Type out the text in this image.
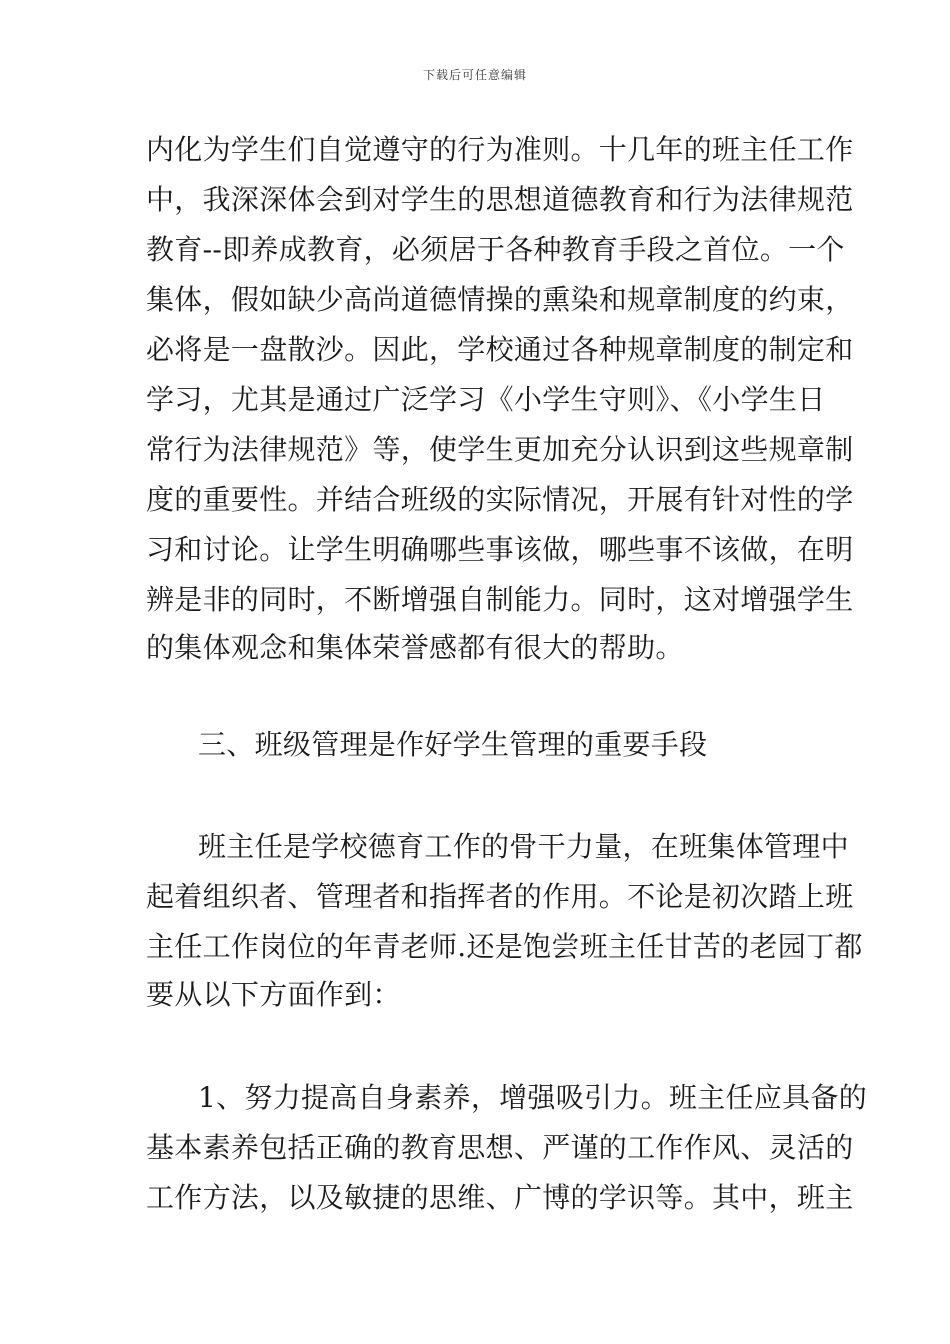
下载后可任意编辑
内化为学生们自觉遵守的行为准则。十几年的班主任工作
中，我深深体会到对学生的思想道德教育和行为法律规范
教育--即养成教育，必须居于各种教育手段之首位。一个
集体，假如缺少高尚道德情操的熏染和规章制度的约束，
必将是一盘散沙。因此，学校通过各种规章制度的制定和
学习，尤其是通过广泛学习《小学生守则》、《小学生日
常行为法律规范》等，使学生更加充分认识到这些规章制
度的重要性。并结合班级的实际情况，开展有针对性的学
习和讨论。让学生明确哪些事该做，哪些事不该做，在明
辨是非的同时，不断增强自制能力。同时，这对增强学生
的集体观念和集体荣誉感都有很大的帮助。
三、班级管理是作好学生管理的重要手段
班主任是学校德育工作的骨干力量，在班集体管理中
起着组织者、管理者和指挥者的作用。不论是初次踏上班
主任工作岗位的年青老师.还是饱尝班主任甘苦的老园丁都
要从以下方面作到：
1、努力提高自身素养，增强吸引力。班主任应具备的
基本素养包括正确的教育思想、严谨的工作作风、灵活的
工作方法，以及敏捷的思维、广博的学识等。其中，班主
